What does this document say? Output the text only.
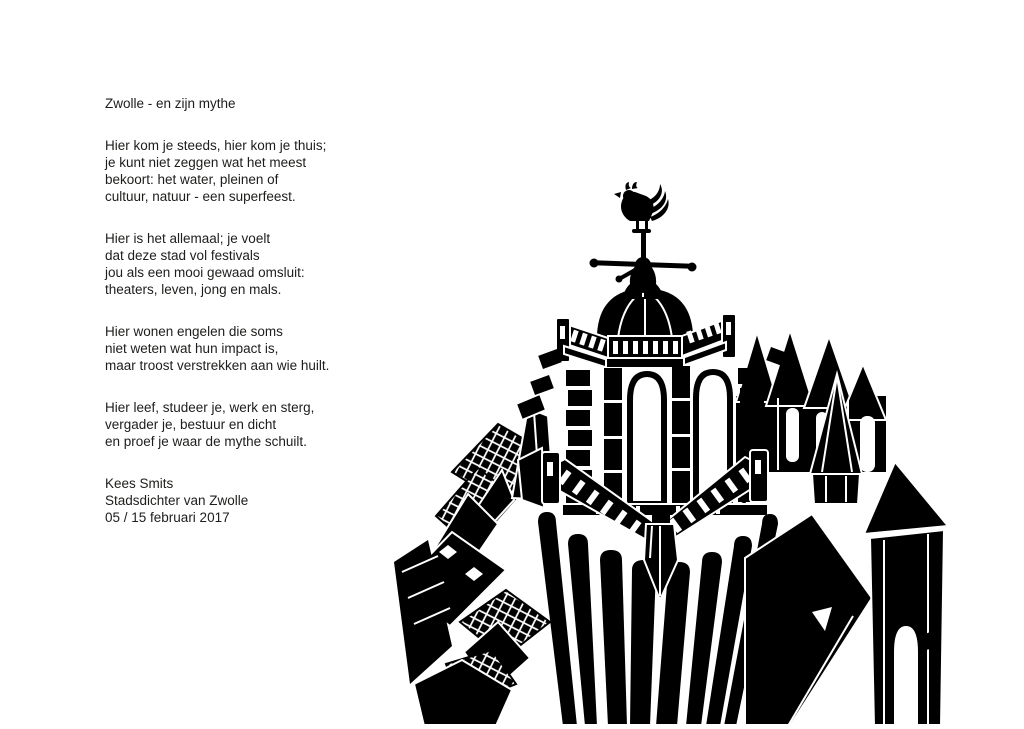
Zwolle - en zijn mythe
Hier kom je steeds, hier kom je thuis;
je kunt niet zeggen wat het meest
bekoort: het water, pleinen of
cultuur, natuur - een superfeest.
Hier is het allemaal; je voelt
dat deze stad vol festivals
jou als een mooi gewaad omsluit:
theaters, leven, jong en mals.
Hier wonen engelen die soms
niet weten wat hun impact is,
maar troost verstrekken aan wie huilt.
Hier leef, studeer je, werk en sterg,
vergader je, bestuur en dicht
en proef je waar de mythe schuilt.
Kees Smits
Stadsdichter van Zwolle
05 / 15 februari 2017
